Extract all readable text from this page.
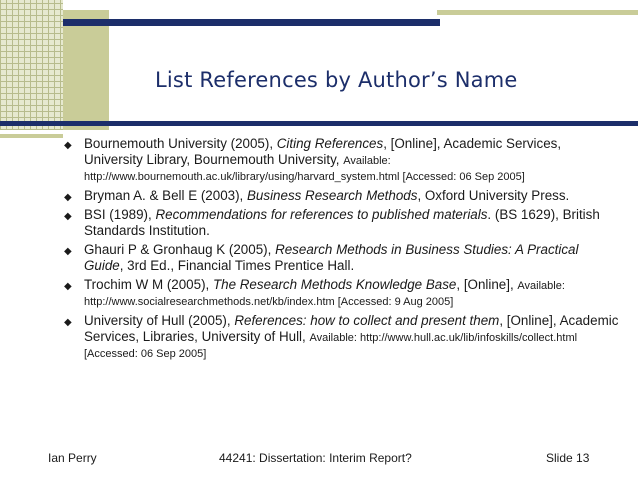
List References by Author’s Name
◆ Bournemouth University (2005), Citing References, [Online], Academic Services, University Library, Bournemouth University, Available: http://www.bournemouth.ac.uk/library/using/harvard_system.html [Accessed: 06 Sep 2005]
◆ Bryman A. & Bell E (2003), Business Research Methods, Oxford University Press.
◆ BSI (1989), Recommendations for references to published materials. (BS 1629), British Standards Institution.
◆ Ghauri P & Gronhaug K (2005), Research Methods in Business Studies: A Practical Guide, 3rd Ed., Financial Times Prentice Hall.
◆ Trochim W M (2005), The Research Methods Knowledge Base, [Online], Available: http://www.socialresearchmethods.net/kb/index.htm [Accessed: 9 Aug 2005]
◆ University of Hull (2005), References: how to collect and present them, [Online], Academic Services, Libraries, University of Hull, Available: http://www.hull.ac.uk/lib/infoskills/collect.html [Accessed: 06 Sep 2005]
Ian Perry	44241: Dissertation: Interim Report?	Slide 13
